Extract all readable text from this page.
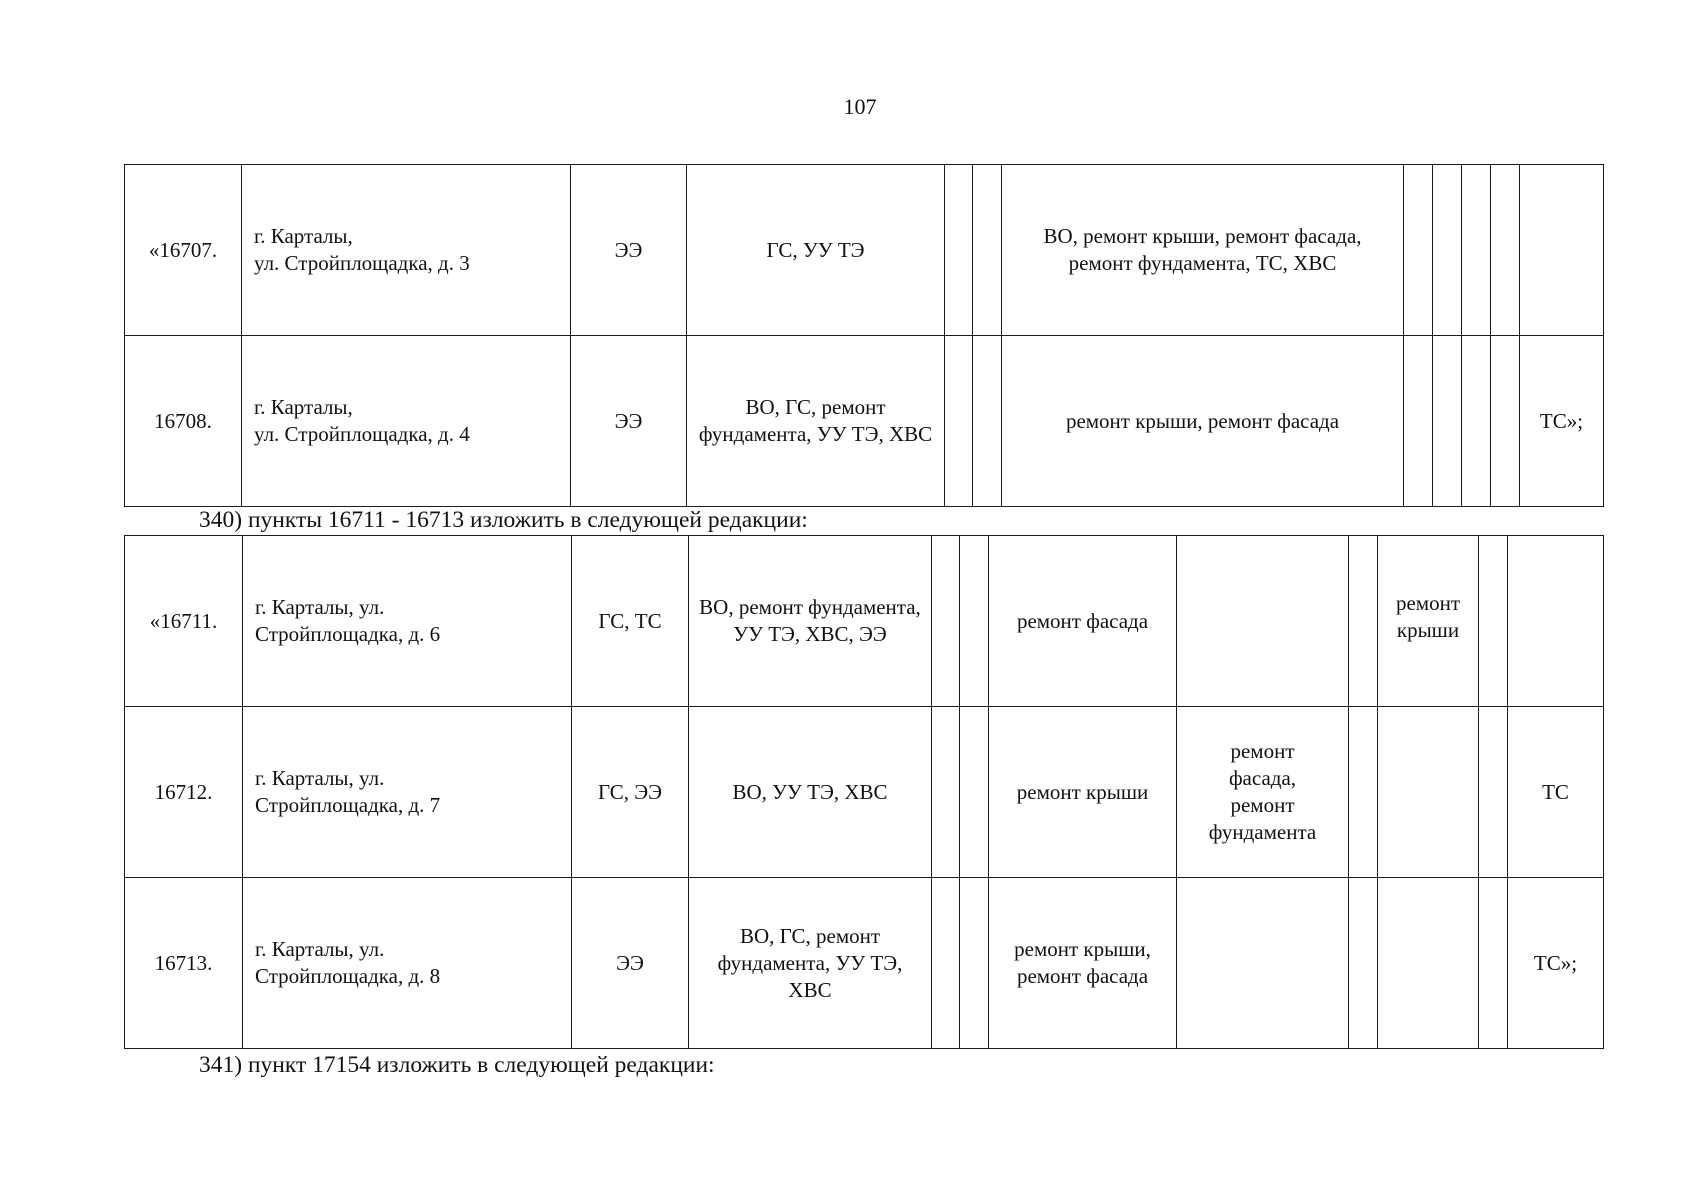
107
«16707.	г. Карталы,
ул. Стройплощадка, д. 3	ЭЭ	ГС, УУ ТЭ			ВО, ремонт крыши, ремонт фасада,
ремонт фундамента, ТС, ХВС					
16708.	г. Карталы,
ул. Стройплощадка, д. 4	ЭЭ	ВО, ГС, ремонт фундамента, УУ ТЭ, ХВС			ремонт крыши, ремонт фасада					ТС»;
340) пункты 16711 - 16713 изложить в следующей редакции:
«16711.	г. Карталы, ул.
Стройплощадка, д. 6	ГС, ТС	ВО, ремонт фундамента, УУ ТЭ, ХВС, ЭЭ			ремонт фасада			ремонт
крыши		
16712.	г. Карталы, ул.
Стройплощадка, д. 7	ГС, ЭЭ	ВО, УУ ТЭ, ХВС			ремонт крыши	ремонт
фасада,
ремонт
фундамента				ТС
16713.	г. Карталы, ул.
Стройплощадка, д. 8	ЭЭ	ВО, ГС, ремонт фундамента, УУ ТЭ, ХВС			ремонт крыши,
ремонт фасада					ТС»;
341) пункт 17154 изложить в следующей редакции:
